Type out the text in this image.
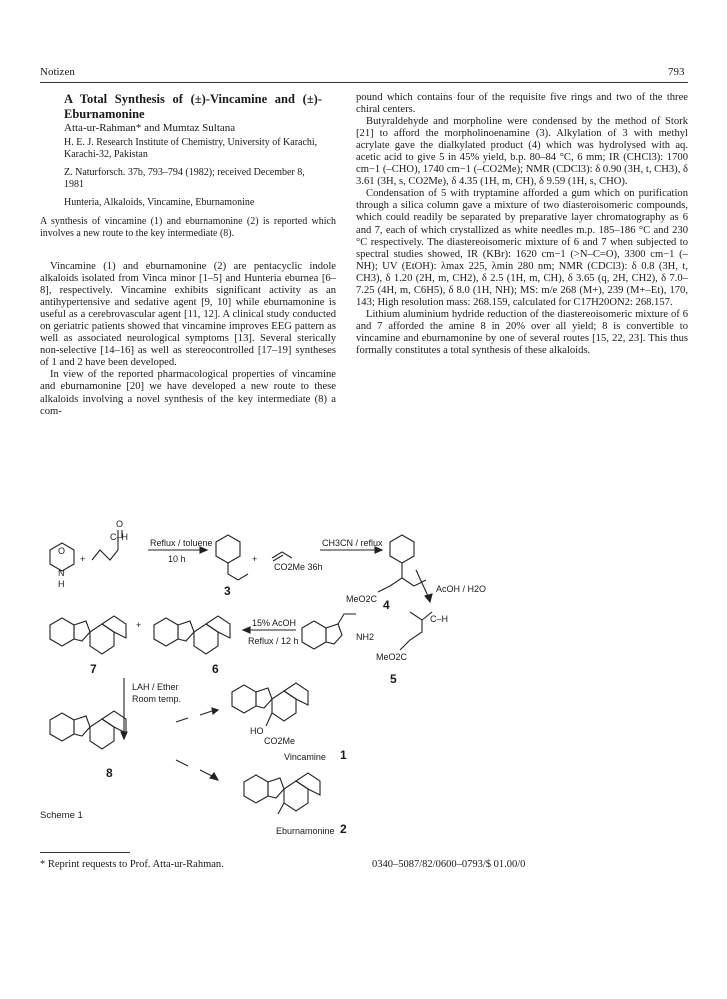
Notizen	793

A Total Synthesis of (±)-Vincamine and (±)-Eburnamonine

Atta-ur-Rahman* and Mumtaz Sultana

H. E. J. Research Institute of Chemistry, University of Karachi, Karachi-32, Pakistan

Z. Naturforsch. 37b, 793–794 (1982); received December 8, 1981

Hunteria, Alkaloids, Vincamine, Eburnamonine

A synthesis of vincamine (1) and eburnamonine (2) is reported which involves a new route to the key intermediate (8).

Vincamine (1) and eburnamonine (2) are pentacyclic indole alkaloids isolated from Vinca minor [1–5] and Hunteria eburnea [6–8], respectively. Vincamine exhibits significant activity as an antihypertensive and sedative agent [9, 10] while eburnamonine is useful as a cerebrovascular agent [11, 12]. A clinical study conducted on geriatric patients showed that vincamine improves EEG pattern as well as associated neurological symptoms [13]. Several sterically non-selective [14–16] as well as stereocontrolled [17–19] syntheses of 1 and 2 have been developed.

In view of the reported pharmacological properties of vincamine and eburnamonine [20] we have developed a new route to these alkaloids involving a novel synthesis of the key intermediate (8) a com-

pound which contains four of the requisite five rings and two of the three chiral centers.

Butyraldehyde and morpholine were condensed by the method of Stork [21] to afford the morpholinoenamine (3). Alkylation of 3 with methyl acrylate gave the dialkylated product (4) which was hydrolysed with aq. acetic acid to give 5 in 45% yield, b.p. 80–84 °C, 6 mm; IR (CHCl3): 1700 cm−1 (–CHO), 1740 cm−1 (–CO2Me); NMR (CDCl3): δ 0.90 (3H, t, CH3), δ 3.61 (3H, s, CO2Me), δ 4.35 (1H, m, CH), δ 9.59 (1H, s, CHO).

Condensation of 5 with tryptamine afforded a gum which on purification through a silica column gave a mixture of two diasteroisomeric compounds, which could readily be separated by preparative layer chromatography as 6 and 7, each of which crystallized as white needles m.p. 185–186 °C and 230 °C respectively. The diastereoisomeric mixture of 6 and 7 when subjected to spectral studies showed, IR (KBr): 1620 cm−1 (>N–C=O), 3300 cm−1 (–NH); UV (EtOH): λmax 225, λmin 280 nm; NMR (CDCl3): δ 0.8 (3H, t, CH3), δ 1.20 (2H, m, CH2), δ 2.5 (1H, m, CH), δ 3.65 (q, 2H, CH2), δ 7.0–7.25 (4H, m, C6H5), δ 8.0 (1H, NH); MS: m/e 268 (M+), 239 (M+–Et), 170, 143; High resolution mass: 268.159, calculated for C17H20ON2: 268.157.

Lithium aluminium hydride reduction of the diastereoisomeric mixture of 6 and 7 afforded the amine 8 in 20% over all yield; 8 is convertible to vincamine and eburnamonine by one of several routes [15, 22, 23]. This thus formally constitutes a total synthesis of these alkaloids.

O
N
H
+
O
C–H
Reflux / toluene
10 h	+
CH3CN / reflux
CO2Me 36h
3	AcOH / H2O
MeO2C 4
C–H
NH2
MeO2C
5
15% AcOH
Reflux / 12 h
+
6
7
LAH / Ether
Room temp.
8
HO
CO2Me
Vincamine 1
Eburnamonine 2
Scheme 1
* Reprint requests to Prof. Atta-ur-Rahman.	0340–5087/82/0600–0793/$ 01.00/0
